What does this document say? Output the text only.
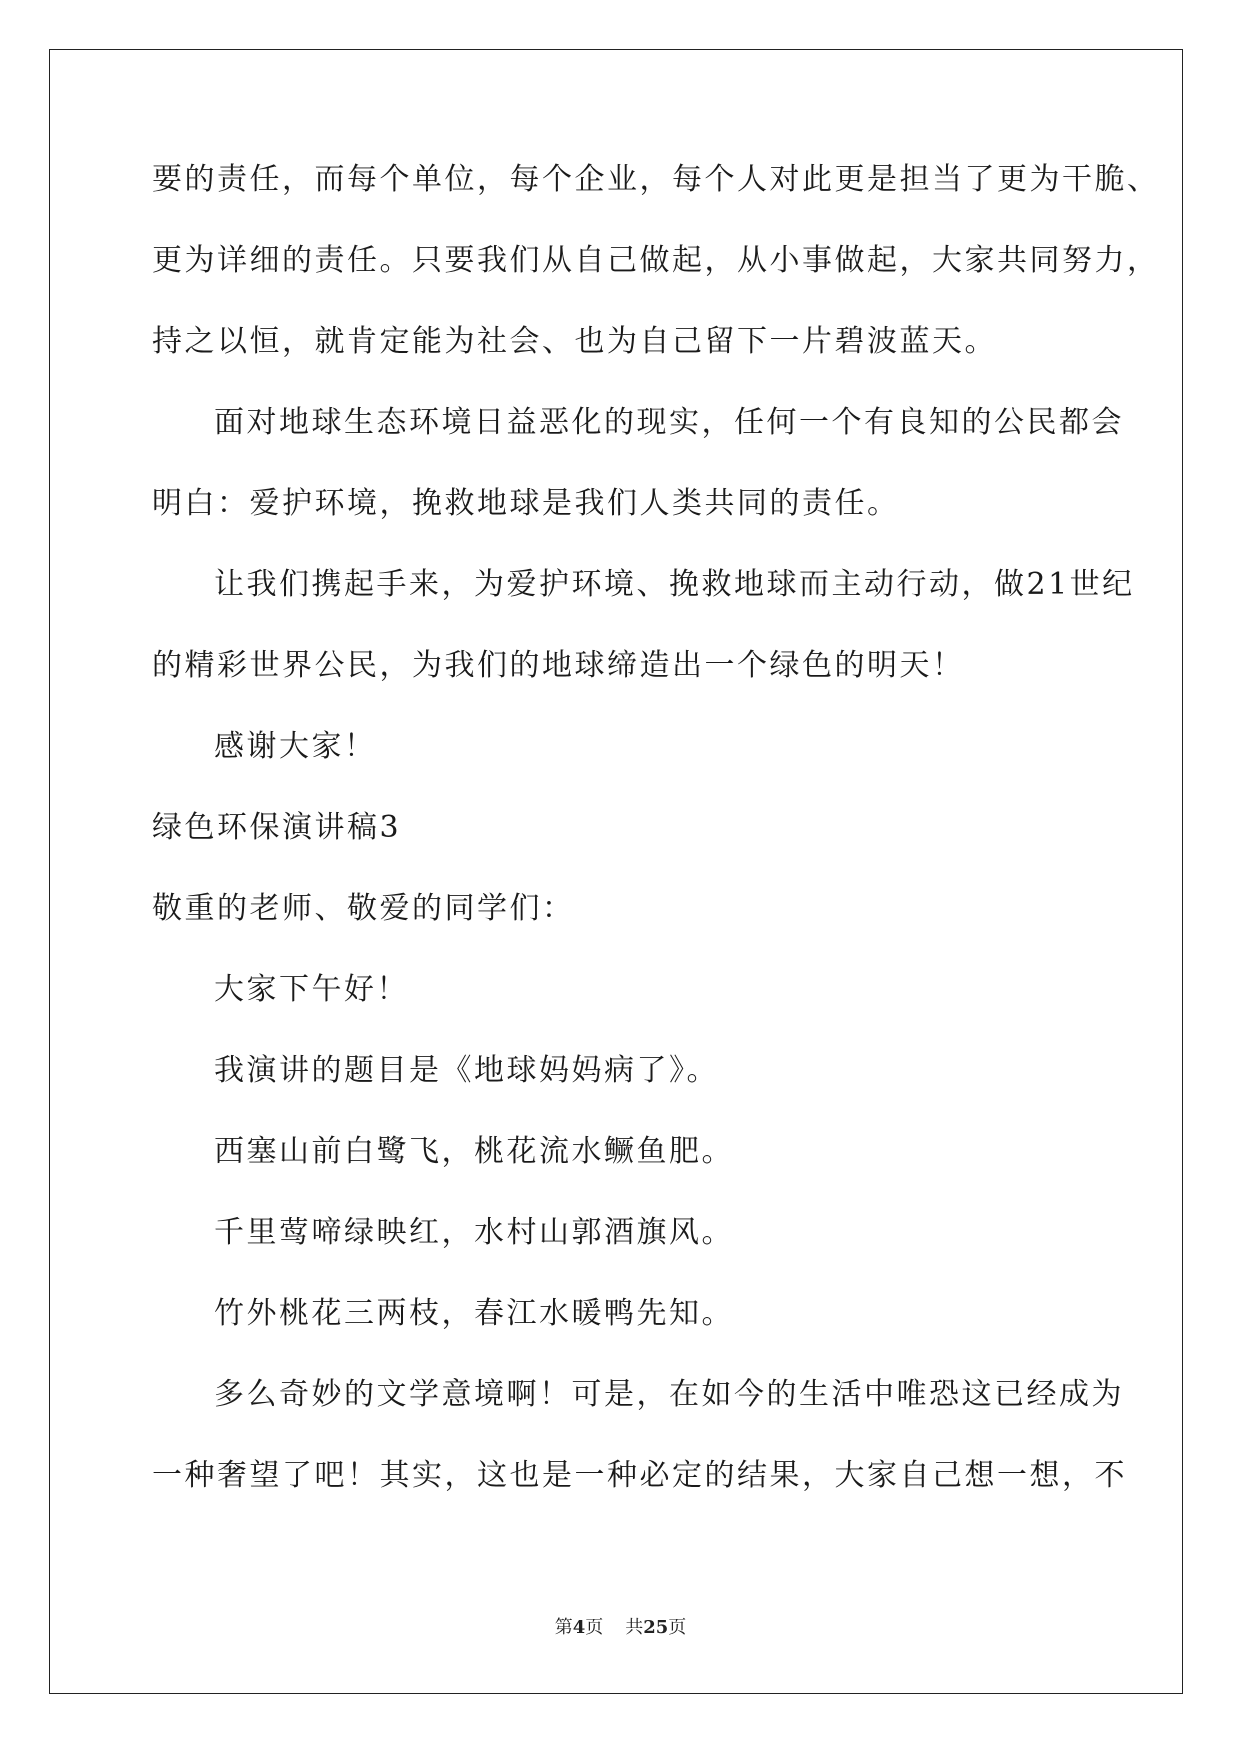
要的责任，而每个单位，每个企业，每个人对此更是担当了更为干脆、
更为详细的责任。只要我们从自己做起，从小事做起，大家共同努力，
持之以恒，就肯定能为社会、也为自己留下一片碧波蓝天。
面对地球生态环境日益恶化的现实，任何一个有良知的公民都会
明白：爱护环境，挽救地球是我们人类共同的责任。
让我们携起手来，为爱护环境、挽救地球而主动行动，做21世纪
的精彩世界公民，为我们的地球缔造出一个绿色的明天！
感谢大家！
绿色环保演讲稿3
敬重的老师、敬爱的同学们：
大家下午好！
我演讲的题目是《地球妈妈病了》。
西塞山前白鹭飞，桃花流水鳜鱼肥。
千里莺啼绿映红，水村山郭酒旗风。
竹外桃花三两枝，春江水暖鸭先知。
多么奇妙的文学意境啊！可是，在如今的生活中唯恐这已经成为
一种奢望了吧！其实，这也是一种必定的结果，大家自己想一想，不
第4页 共25页
